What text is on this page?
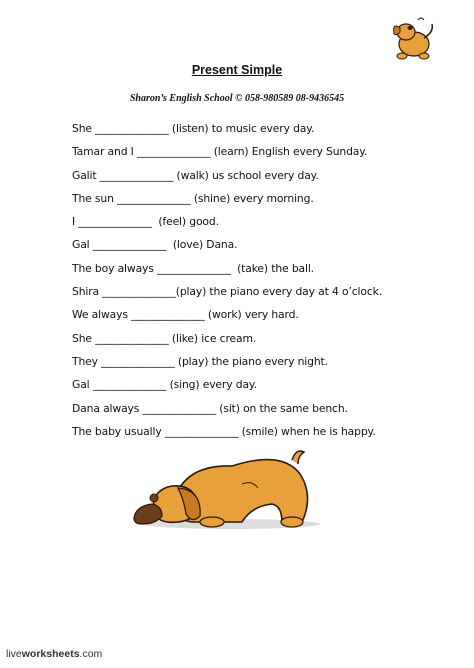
Present Simple
Sharon’s English School © 058-980589 08-9436545
She ______________ (listen) to music every day.
Tamar and I ______________ (learn) English every Sunday.
Galit ______________ (walk) us school every day.
The sun ______________ (shine) every morning.
I ______________  (feel) good.
Gal ______________  (love) Dana.
The boy always ______________  (take) the ball.
Shira ______________(play) the piano every day at 4 o’clock.
We always ______________ (work) very hard.
She ______________ (like) ice cream.
They ______________ (play) the piano every night.
Gal ______________ (sing) every day.
Dana always ______________ (sit) on the same bench.
The baby usually ______________ (smile) when he is happy.
liveworksheets.com
